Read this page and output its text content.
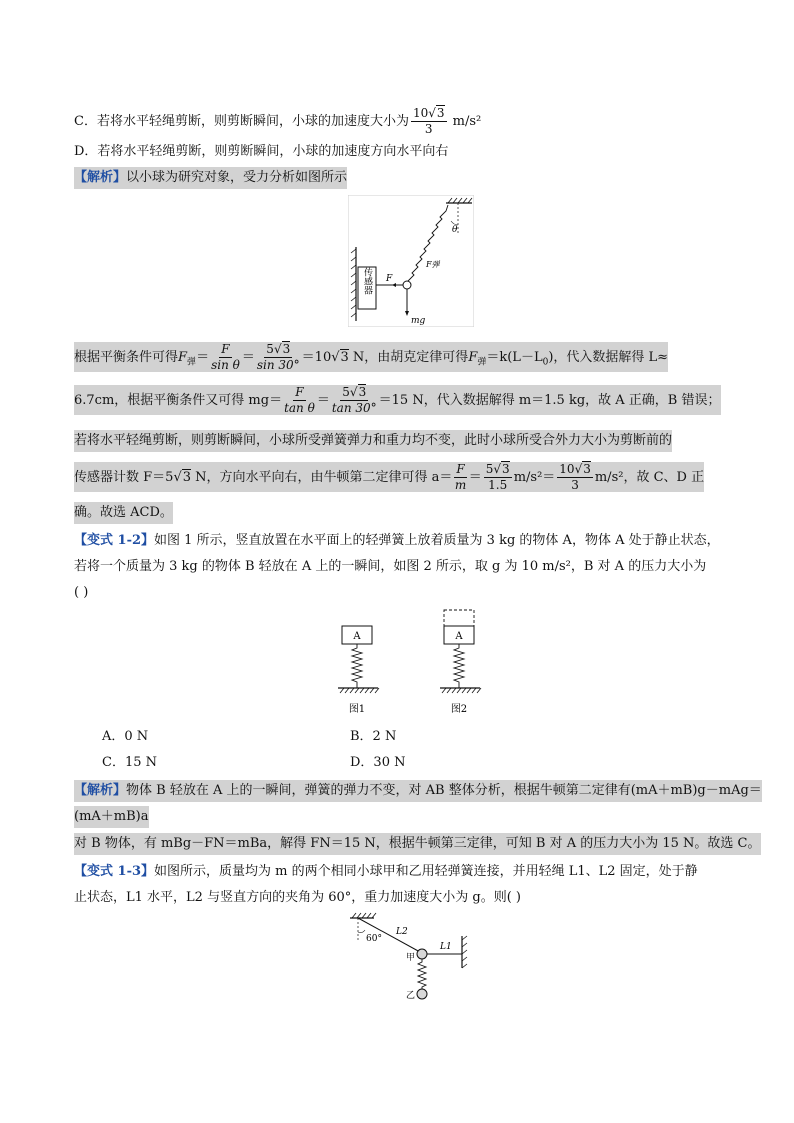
C．若将水平轻绳剪断，则剪断瞬间，小球的加速度大小为 $\frac{10√3}{3} m/s^2$
D．若将水平轻绳剪断，则剪断瞬间，小球的加速度方向水平向右
【解析】以小球为研究对象，受力分析如图所示
传感器
θ
F
F弹
mg
根据平衡条件可得$F_弹= \frac{F}{\text{sin θ}} = \frac{5√3}{\sin 30^\circ} =10√3$ N，由胡克定律可得$F_弹=k(L-L_0)$，代入数据解得 L≈
6.7cm，根据平衡条件又可得 $mg= \frac{F}{\text{tan θ}} = \frac{5√3}{\tan 30^\circ} =15$ N，代入数据解得 m＝1.5 kg，故 A 正确，B 错误；
若将水平轻绳剪断，则剪断瞬间，小球所受弹簧弹力和重力均不变，此时小球所受合外力大小为剪断前的
传感器计数 F＝5√3 N，方向水平向右，由牛顿第二定律可得 $a= \frac{F}{m} = \frac{5√3}{1.5} m/s^2= \frac{10√3}{3} m/s^2$，故 C、D 正
确。故选 ACD。
【变式 1-2】如图 1 所示，竖直放置在水平面上的轻弹簧上放着质量为 3 kg 的物体 A，物体 A 处于静止状态，
若将一个质量为 3 kg 的物体 B 轻放在 A 上的一瞬间，如图 2 所示，取 g 为 10 m/s²，B 对 A 的压力大小为
( )
A
图1
A
图2
A．0 N	B．2 N
C．15 N	D．30 N
【解析】物体 B 轻放在 A 上的一瞬间，弹簧的弹力不变，对 AB 整体分析，根据牛顿第二定律有(mA＋mB)g－mAg＝
(mA＋mB)a
对 B 物体，有 mBg－FN＝mBa，解得 FN＝15 N，根据牛顿第三定律，可知 B 对 A 的压力大小为 15 N。故选 C。
【变式 1-3】如图所示，质量均为 m 的两个相同小球甲和乙用轻弹簧连接，并用轻绳 L1、L2 固定，处于静
止状态，L1 水平，L2 与竖直方向的夹角为 60°，重力加速度大小为 g。则( )
60°
L2
L1
甲
乙
